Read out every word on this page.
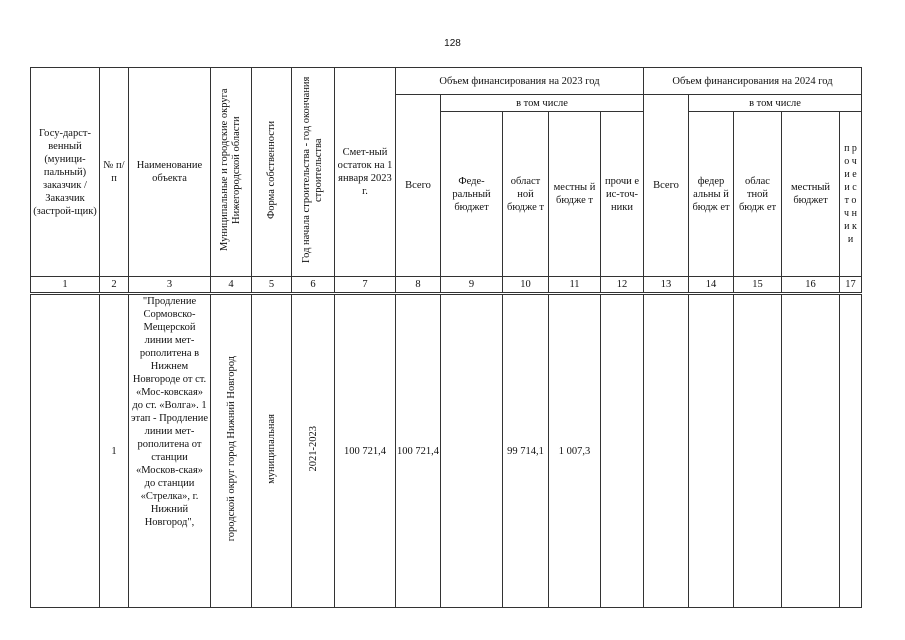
128
Госу-дарст-венный (муници-пальный) заказчик / Заказчик (застрой-щик)	№ п/п	Наименование объекта	Муниципальные и городские округа Нижегородской области	Форма собственности	Год начала строительства - год окончания строительства	Смет-ный остаток на 1 января 2023 г.	Объем финансирования на 2023 год					Объем финансирования на 2024 год				
							Всего	в том числе				Всего	в том числе			
								Феде-ральный бюджет	област ной бюдже т	местны й бюдже т	прочи е ис-точ-ники		федер альны й бюдж ет	облас тной бюдж ет	местный бюджет	п р о ч и е и с т о ч н и к и
1	2	3	4	5	6	7	8	9	10	11	12	13	14	15	16	17

	1	"Продление Сормовско-Мещерской линии мет-рополитена в Нижнем Новгороде от ст. «Мос-ковская» до ст. «Волга». 1 этап - Продление линии мет-рополитена от станции «Москов-ская» до станции «Стрелка», г. Нижний Новгород",	городской округ город Нижний Новгород	муниципальная	2021-2023	100 721,4	100 721,4		99 714,1	1 007,3						
